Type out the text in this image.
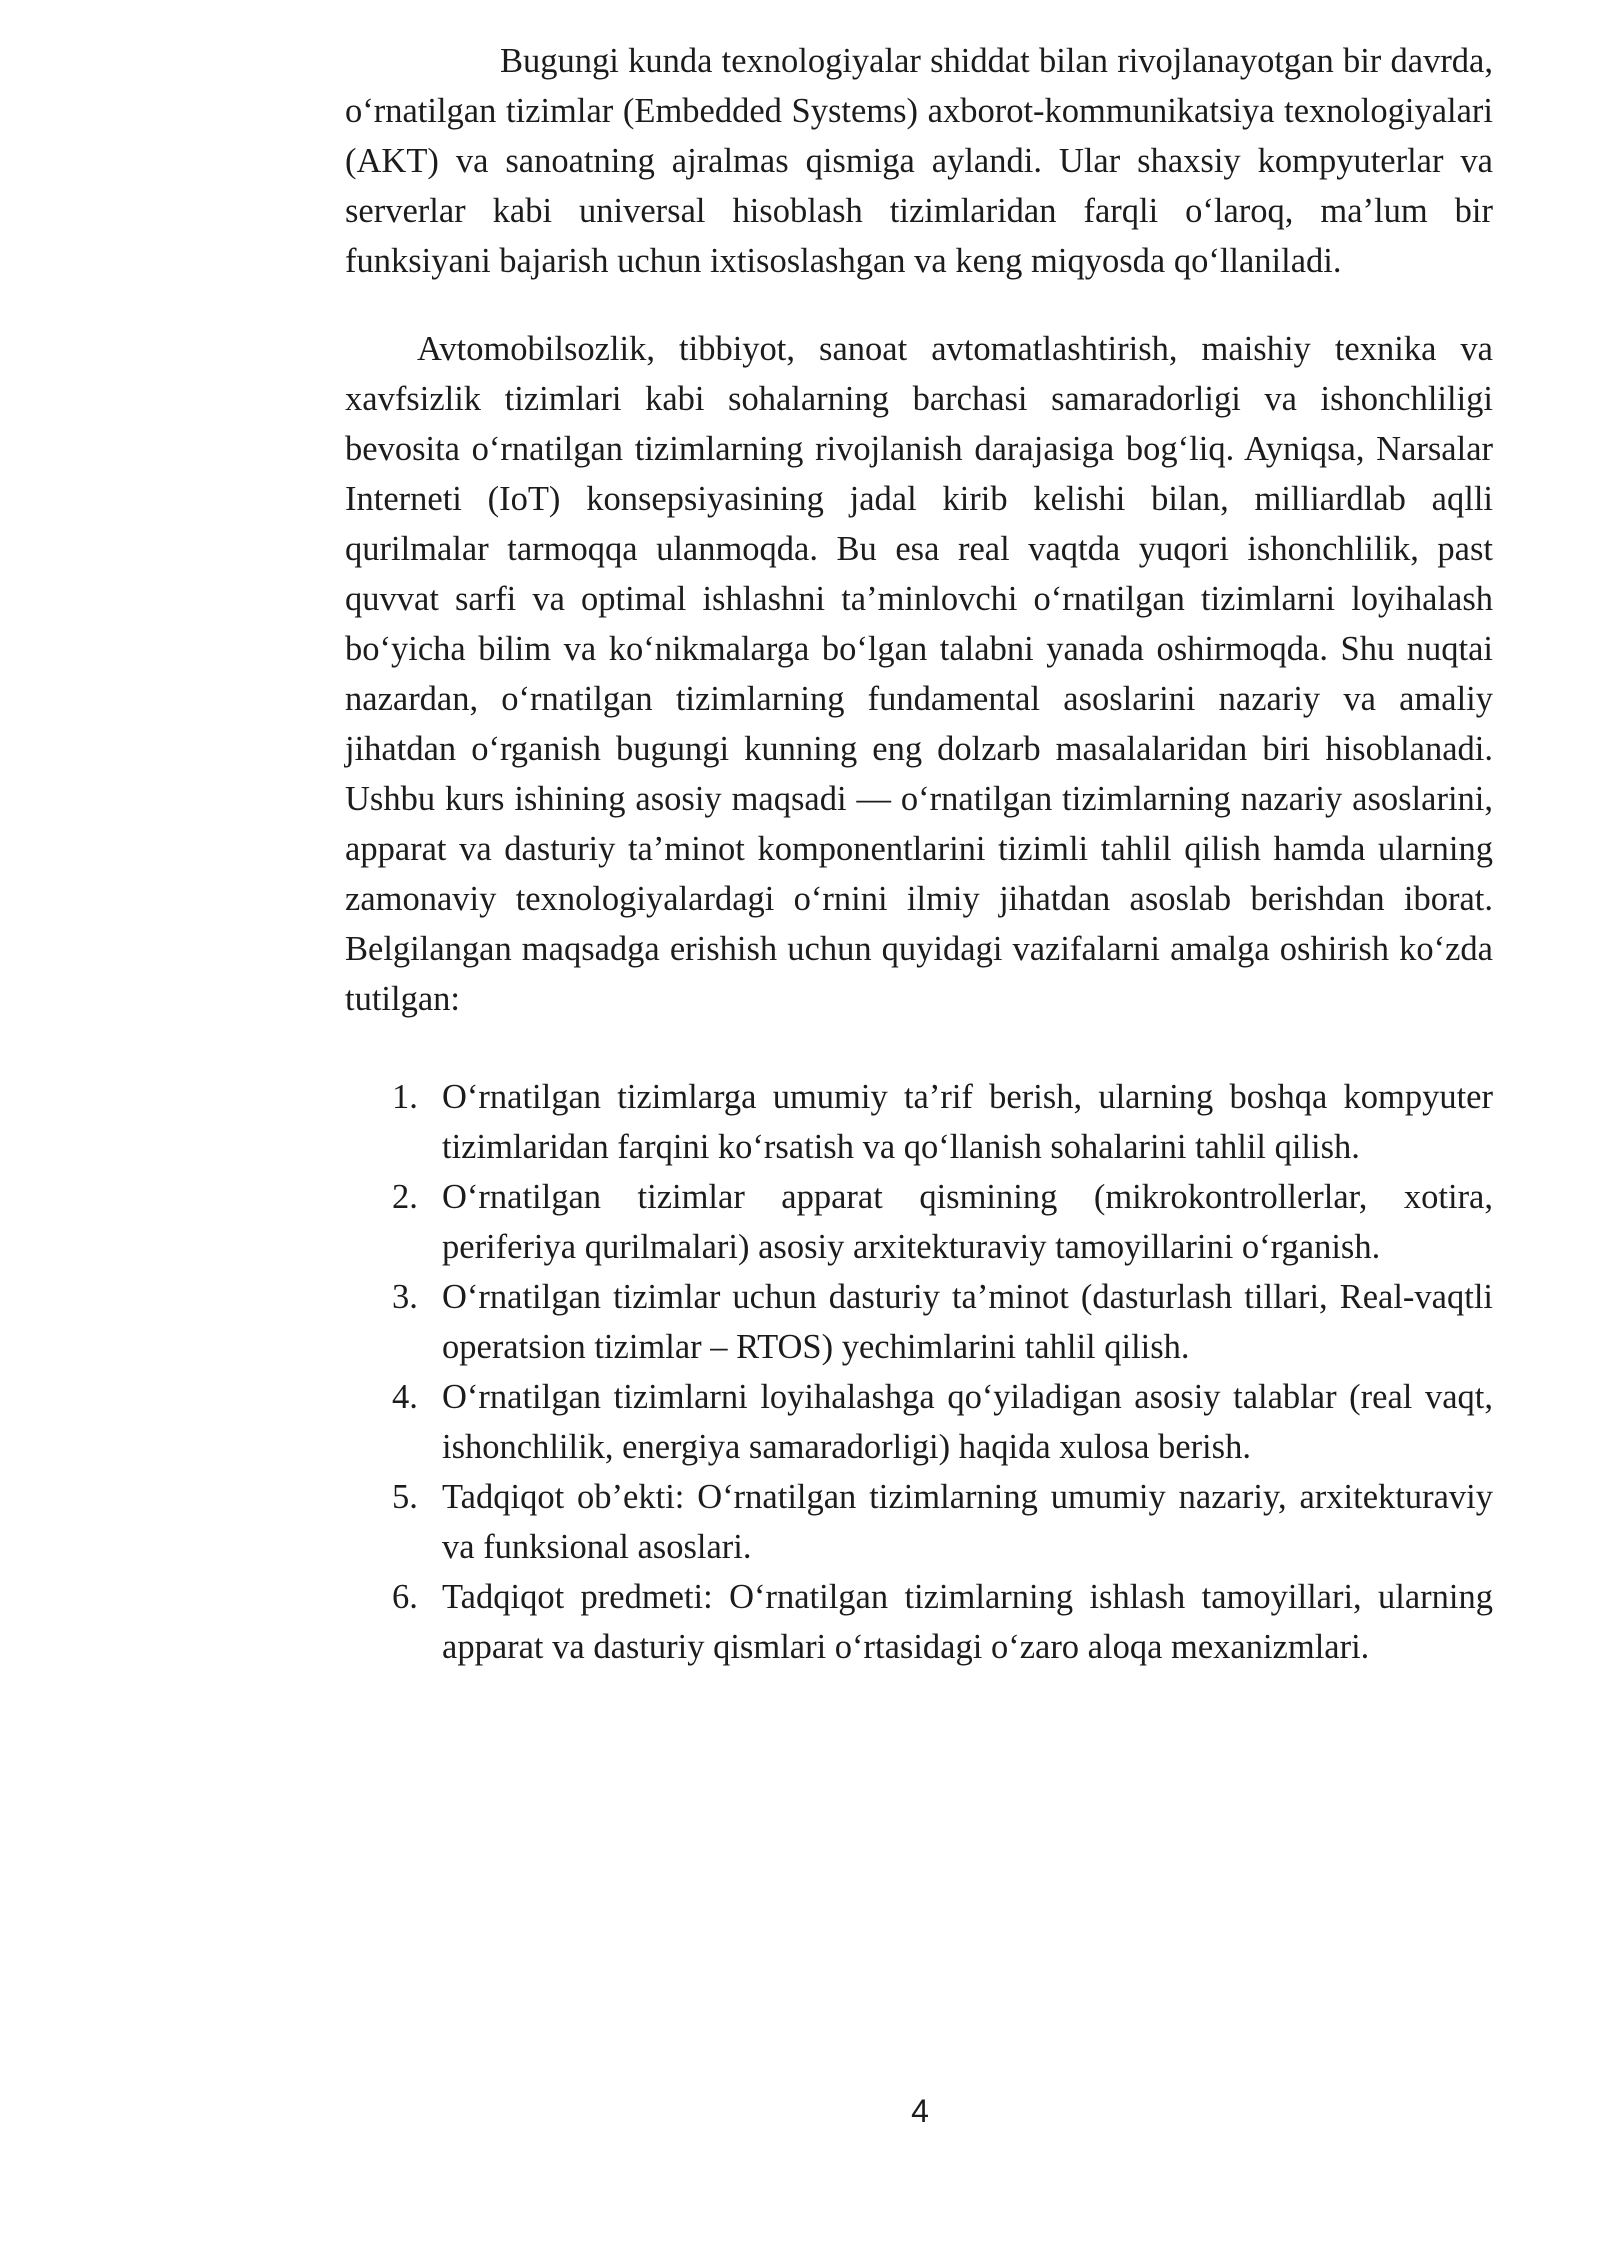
Bugungi kunda texnologiyalar shiddat bilan rivojlanayotgan bir davrda, o‘rnatilgan tizimlar (Embedded Systems) axborot-kommunikatsiya texnologiyalari (AKT) va sanoatning ajralmas qismiga aylandi. Ular shaxsiy kompyuterlar va serverlar kabi universal hisoblash tizimlaridan farqli o‘laroq, ma’lum bir funksiyani bajarish uchun ixtisoslashgan va keng miqyosda qo‘llaniladi.

Avtomobilsozlik, tibbiyot, sanoat avtomatlashtirish, maishiy texnika va xavfsizlik tizimlari kabi sohalarning barchasi samaradorligi va ishonchliligi bevosita o‘rnatilgan tizimlarning rivojlanish darajasiga bog‘liq. Ayniqsa, Narsalar Interneti (IoT) konsepsiyasining jadal kirib kelishi bilan, milliardlab aqlli qurilmalar tarmoqqa ulanmoqda. Bu esa real vaqtda yuqori ishonchlilik, past quvvat sarfi va optimal ishlashni ta’minlovchi o‘rnatilgan tizimlarni loyihalash bo‘yicha bilim va ko‘nikmalarga bo‘lgan talabni yanada oshirmoqda. Shu nuqtai nazardan, o‘rnatilgan tizimlarning fundamental asoslarini nazariy va amaliy jihatdan o‘rganish bugungi kunning eng dolzarb masalalaridan biri hisoblanadi. Ushbu kurs ishining asosiy maqsadi — o‘rnatilgan tizimlarning nazariy asoslarini, apparat va dasturiy ta’minot komponentlarini tizimli tahlil qilish hamda ularning zamonaviy texnologiyalardagi o‘rnini ilmiy jihatdan asoslab berishdan iborat. Belgilangan maqsadga erishish uchun quyidagi vazifalarni amalga oshirish ko‘zda tutilgan:

1. O‘rnatilgan tizimlarga umumiy ta’rif berish, ularning boshqa kompyuter tizimlaridan farqini ko‘rsatish va qo‘llanish sohalarini tahlil qilish.
2. O‘rnatilgan tizimlar apparat qismining (mikrokontrollerlar, xotira, periferiya qurilmalari) asosiy arxitekturaviy tamoyillarini o‘rganish.
3. O‘rnatilgan tizimlar uchun dasturiy ta’minot (dasturlash tillari, Real-vaqtli operatsion tizimlar – RTOS) yechimlarini tahlil qilish.
4. O‘rnatilgan tizimlarni loyihalashga qo‘yiladigan asosiy talablar (real vaqt, ishonchlilik, energiya samaradorligi) haqida xulosa berish.
5. Tadqiqot ob’ekti: O‘rnatilgan tizimlarning umumiy nazariy, arxitekturaviy va funksional asoslari.
6. Tadqiqot predmeti: O‘rnatilgan tizimlarning ishlash tamoyillari, ularning apparat va dasturiy qismlari o‘rtasidagi o‘zaro aloqa mexanizmlari.
4
